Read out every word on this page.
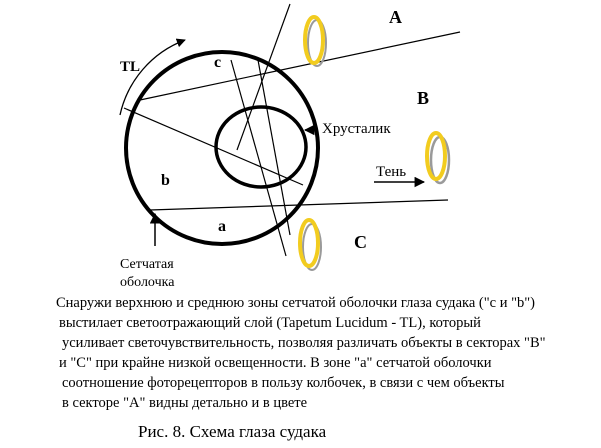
TL	c
b
a
A
B
C
Хрусталик
Тень
Сетчатая
оболочка
Снаружи верхнюю и среднюю зоны сетчатой оболочки глаза судака ("c и "b")
выстилает светоотражающий слой (Tapetum Lucidum - TL), который
усиливает светочувствительность, позволяя различать объекты в секторах "B"
и "C" при крайне низкой освещенности. В зоне "a" сетчатой оболочки
соотношение фоторецепторов в пользу колбочек, в связи с чем объекты
в секторе "A" видны детально и в цвете
Рис. 8. Схема глаза судака
